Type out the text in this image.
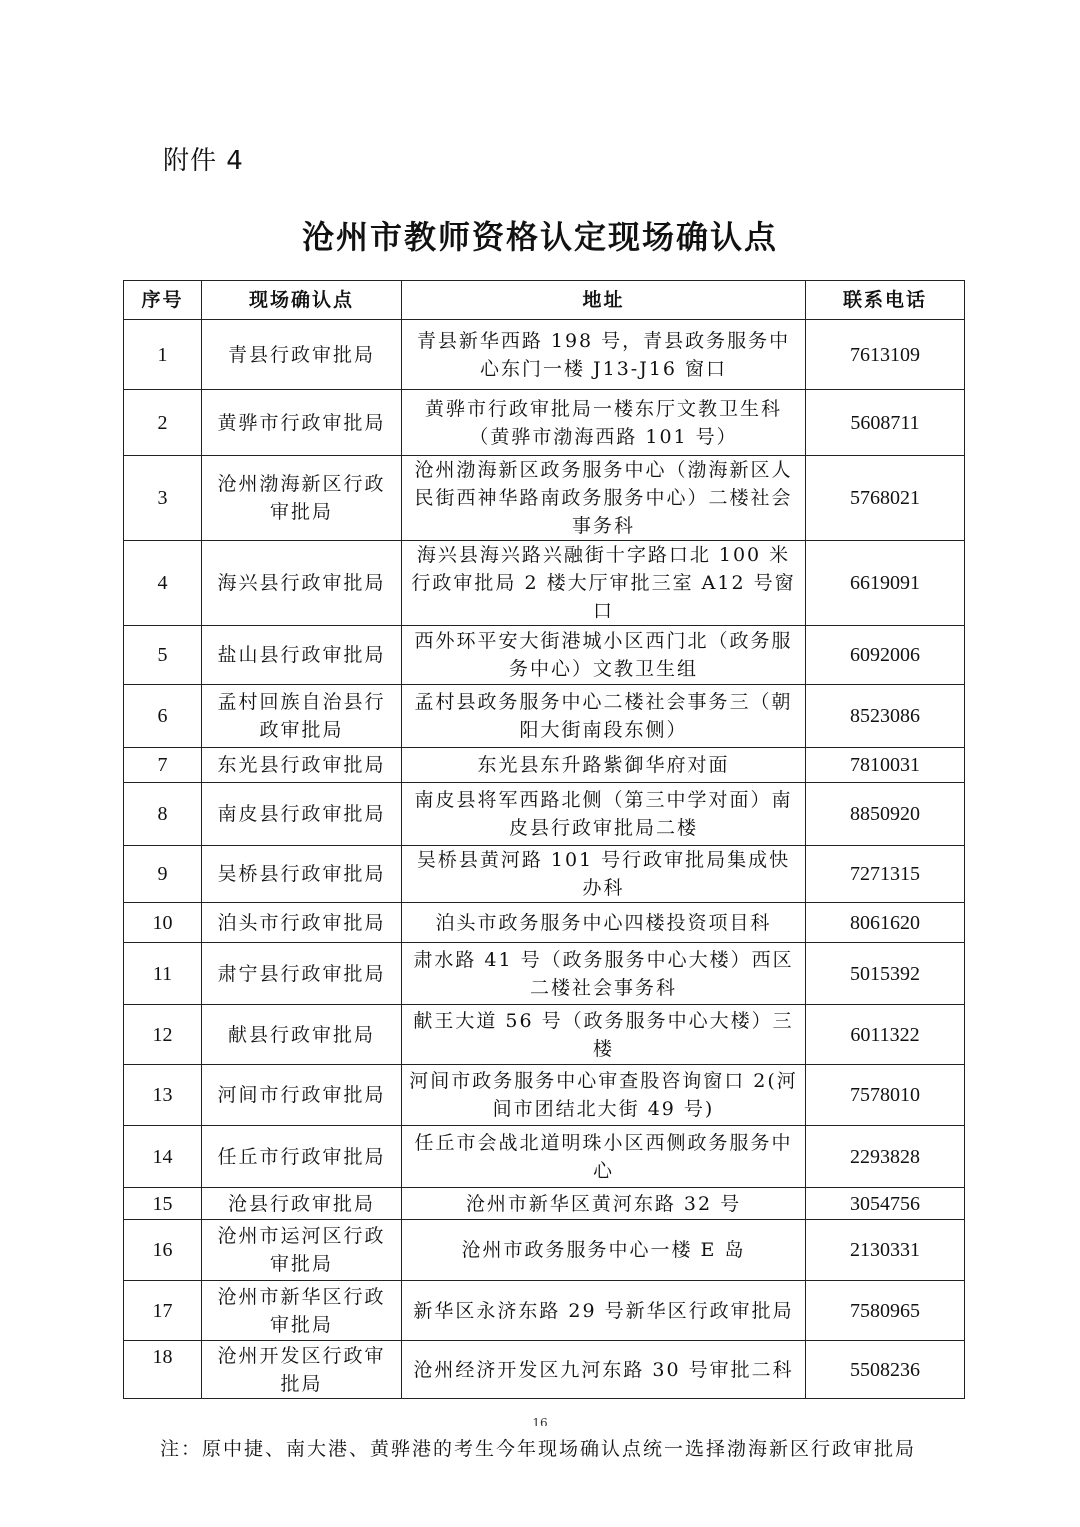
附件 4
沧州市教师资格认定现场确认点
序号	现场确认点	地址	联系电话
1	青县行政审批局	青县新华西路 198 号，青县政务服务中心东门一楼 J13-J16 窗口	7613109
2	黄骅市行政审批局	黄骅市行政审批局一楼东厅文教卫生科（黄骅市渤海西路 101 号）	5608711
3	沧州渤海新区行政审批局	沧州渤海新区政务服务中心（渤海新区人民街西神华路南政务服务中心）二楼社会事务科	5768021
4	海兴县行政审批局	海兴县海兴路兴融街十字路口北 100 米行政审批局 2 楼大厅审批三室 A12 号窗口	6619091
5	盐山县行政审批局	西外环平安大街港城小区西门北（政务服务中心）文教卫生组	6092006
6	孟村回族自治县行政审批局	孟村县政务服务中心二楼社会事务三（朝阳大街南段东侧）	8523086
7	东光县行政审批局	东光县东升路紫御华府对面	7810031
8	南皮县行政审批局	南皮县将军西路北侧（第三中学对面）南皮县行政审批局二楼	8850920
9	吴桥县行政审批局	吴桥县黄河路 101 号行政审批局集成快办科	7271315
10	泊头市行政审批局	泊头市政务服务中心四楼投资项目科	8061620
11	肃宁县行政审批局	肃水路 41 号（政务服务中心大楼）西区二楼社会事务科	5015392
12	献县行政审批局	献王大道 56 号（政务服务中心大楼）三楼	6011322
13	河间市行政审批局	河间市政务服务中心审查股咨询窗口 2(河间市团结北大街 49 号)	7578010
14	任丘市行政审批局	任丘市会战北道明珠小区西侧政务服务中心	2293828
15	沧县行政审批局	沧州市新华区黄河东路 32 号	3054756
16	沧州市运河区行政审批局	沧州市政务服务中心一楼 E 岛	2130331
17	沧州市新华区行政审批局	新华区永济东路 29 号新华区行政审批局	7580965
18	沧州开发区行政审批局	沧州经济开发区九河东路 30 号审批二科	5508236
16
注：原中捷、南大港、黄骅港的考生今年现场确认点统一选择渤海新区行政审批局
